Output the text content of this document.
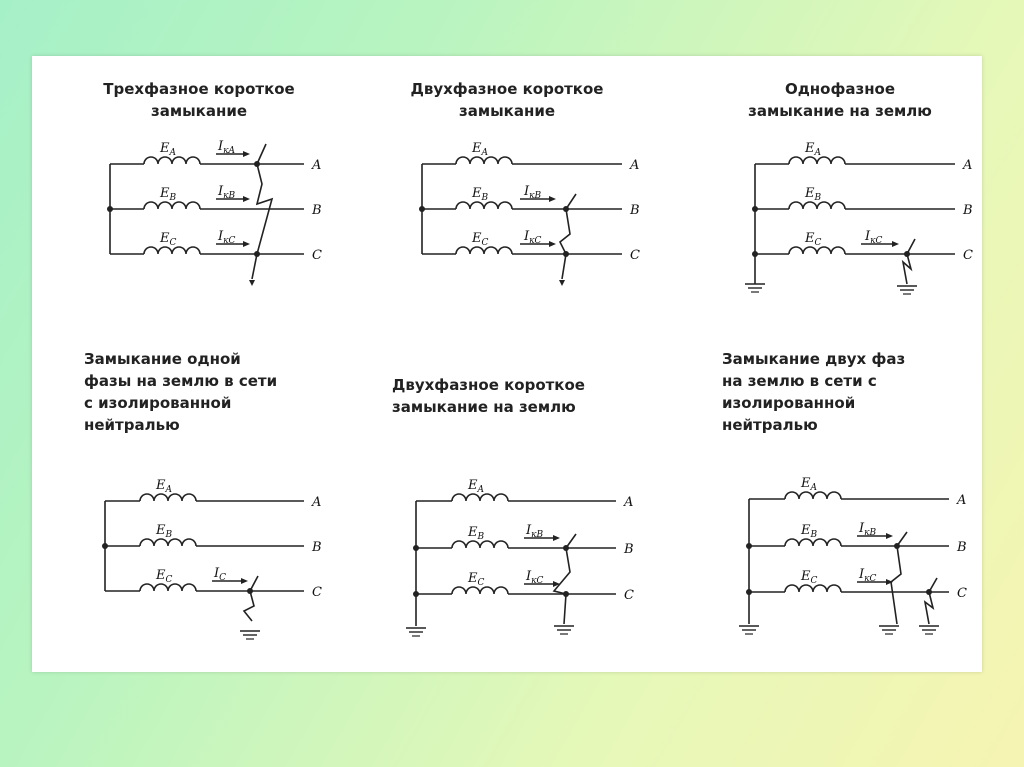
Трехфазное короткое
замыкание
Двухфазное короткое
замыкание
Однофазное
замыкание на землю
Замыкание одной
фазы на землю в сети
с изолированной
нейтралью
Двухфазное короткое
замыкание на землю
Замыкание двух фаз
на землю в сети с
изолированной
нейтралью
$E_A$
A
$E_B$
B
$E_C$
C
$I_{кA}$
$I_{кB}$
$I_{кC}$
$E_A$
A
$E_B$
B
$E_C$
C
$I_{кB}$
$I_{кC}$
$E_A$
A
$E_B$
B
$E_C$
C
$I_{кC}$
$E_A$
A
$E_B$
B
$E_C$
C
$I_C$
$E_A$
A
$E_B$
B
$E_C$
C
$I_{кB}$
$I_{кC}$
$E_A$
A
$E_B$
B
$E_C$
C
$I_{кB}$
$I_{кC}$
